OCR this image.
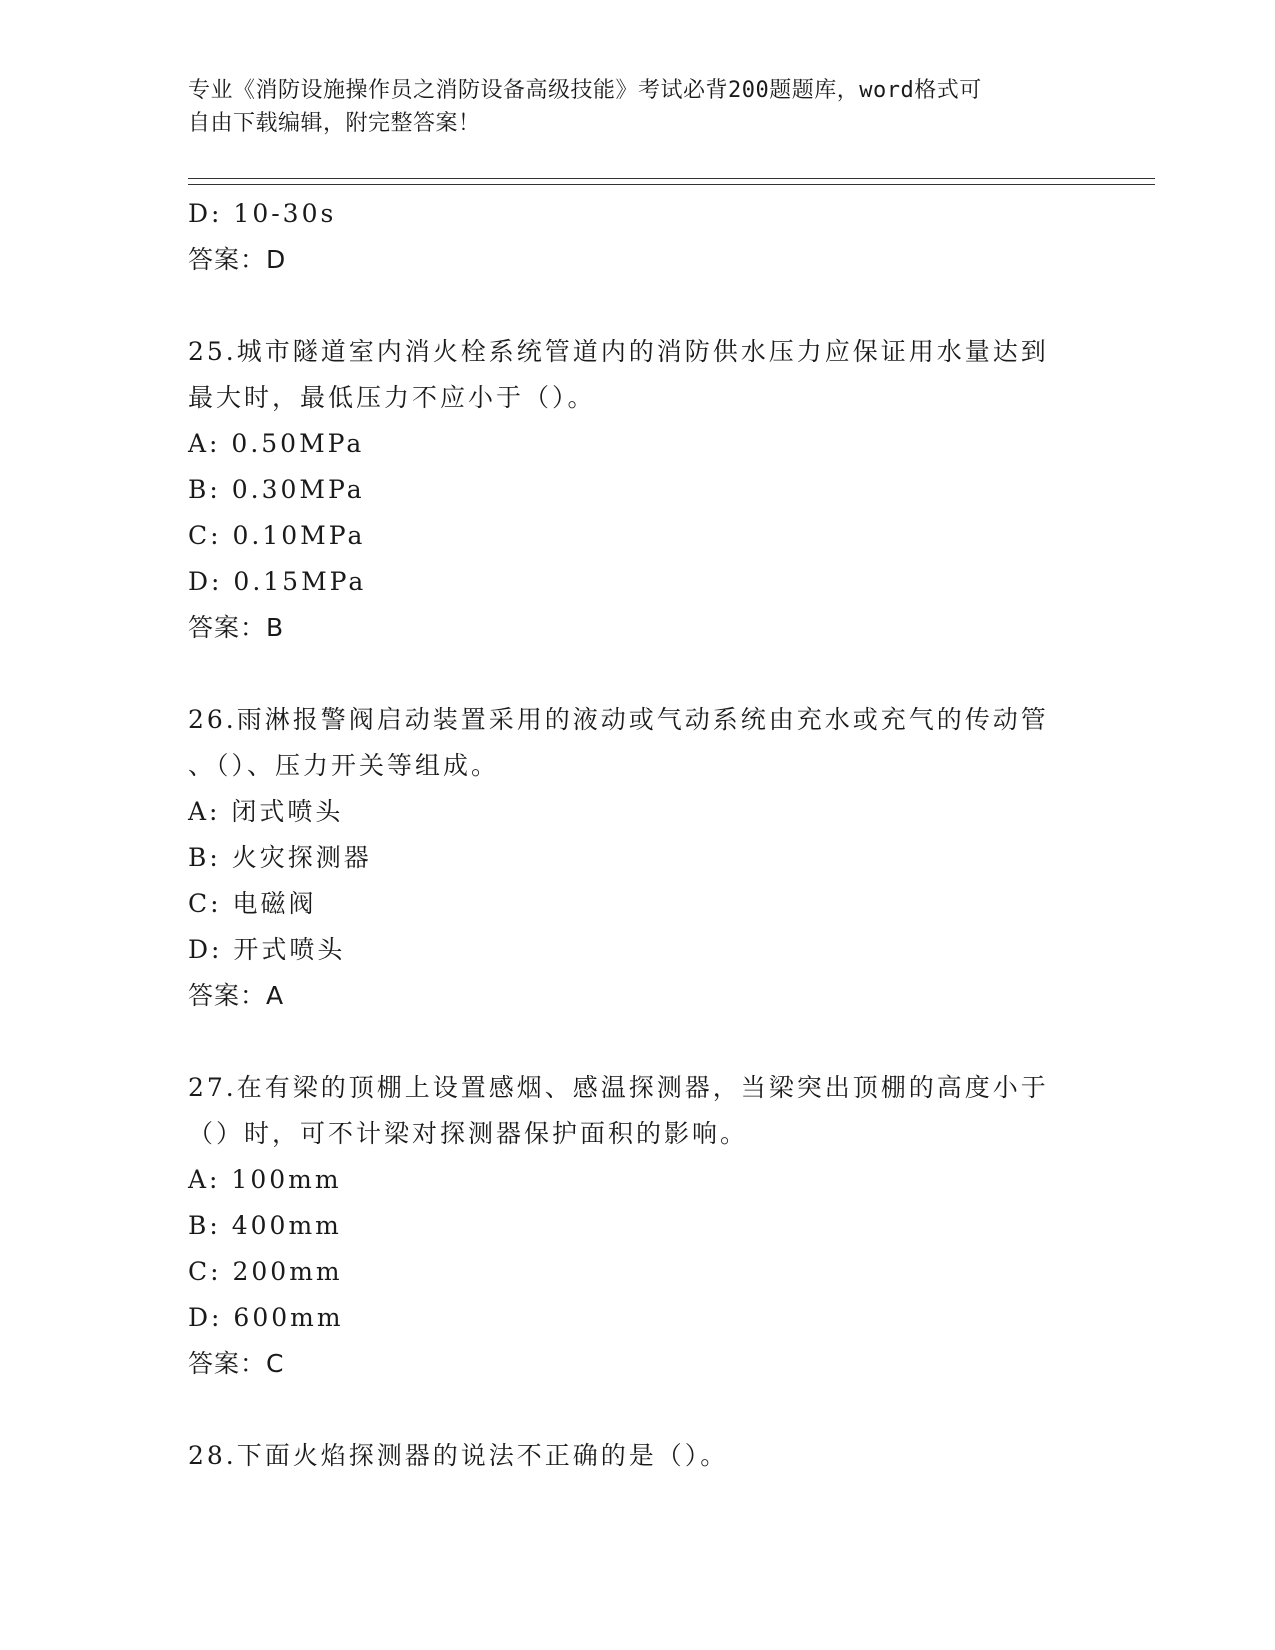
专业《消防设施操作员之消防设备高级技能》考试必背200题题库，word格式可
自由下载编辑，附完整答案！
D: 10-30s
答案：D
25.城市隧道室内消火栓系统管道内的消防供水压力应保证用水量达到
最大时，最低压力不应小于（）。
A: 0.50MPa
B: 0.30MPa
C: 0.10MPa
D: 0.15MPa
答案：B
26.雨淋报警阀启动装置采用的液动或气动系统由充水或充气的传动管
、（）、压力开关等组成。
A: 闭式喷头
B: 火灾探测器
C: 电磁阀
D: 开式喷头
答案：A
27.在有梁的顶棚上设置感烟、感温探测器，当梁突出顶棚的高度小于
（）时，可不计梁对探测器保护面积的影响。
A: 100mm
B: 400mm
C: 200mm
D: 600mm
答案：C
28.下面火焰探测器的说法不正确的是（）。
